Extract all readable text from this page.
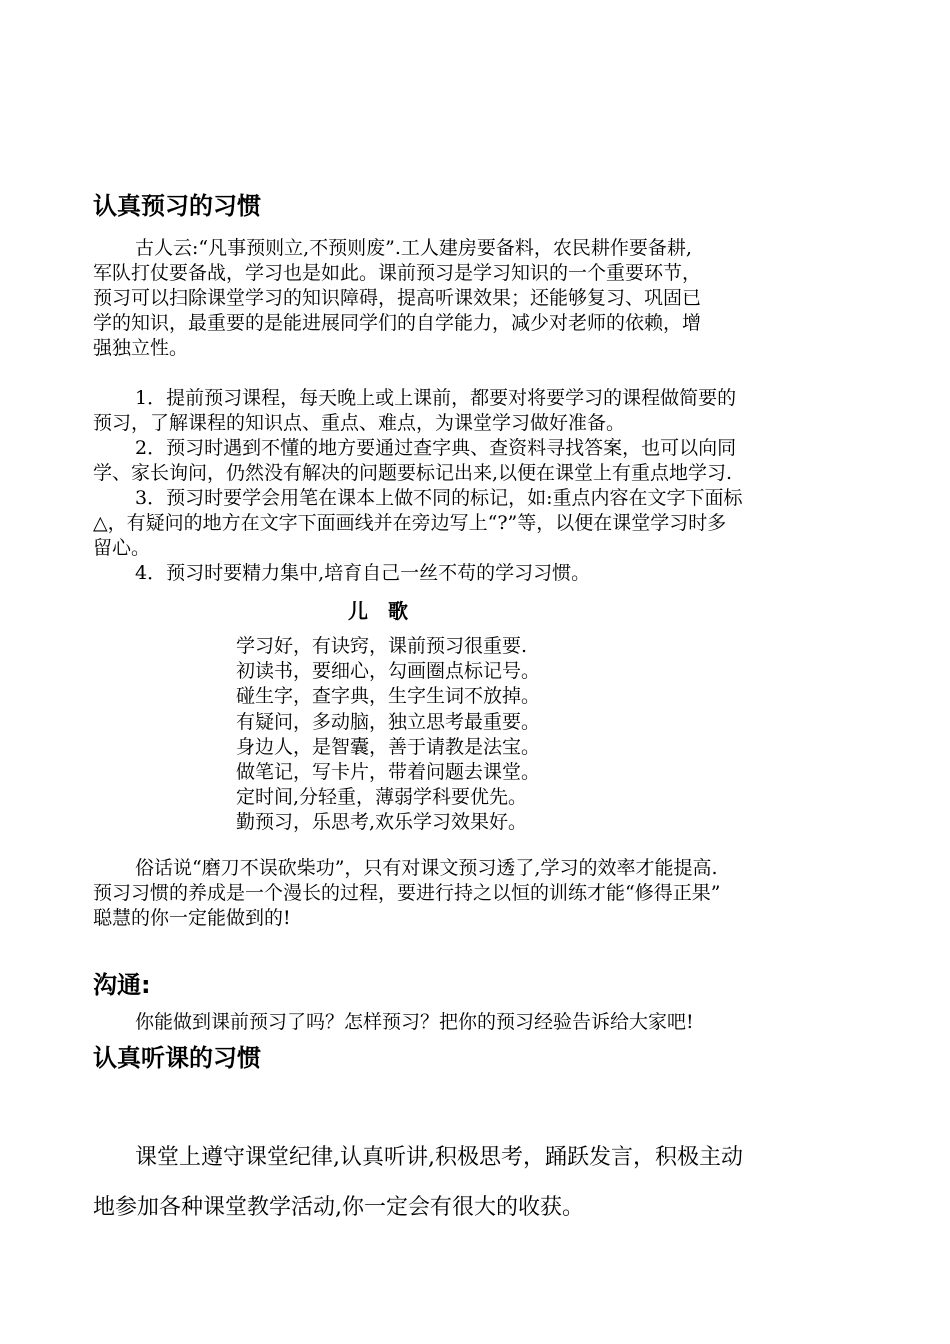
认真预习的习惯
古人云:“凡事预则立,不预则废”.工人建房要备料，农民耕作要备耕,
军队打仗要备战，学习也是如此。课前预习是学习知识的一个重要环节，
预习可以扫除课堂学习的知识障碍，提高听课效果；还能够复习、巩固已
学的知识，最重要的是能进展同学们的自学能力，减少对老师的依赖，增
强独立性。
1．提前预习课程，每天晚上或上课前，都要对将要学习的课程做简要的
预习，了解课程的知识点、重点、难点，为课堂学习做好准备。
2．预习时遇到不懂的地方要通过查字典、查资料寻找答案，也可以向同
学、家长询问，仍然没有解决的问题要标记出来,以便在课堂上有重点地学习.
3．预习时要学会用笔在课本上做不同的标记，如:重点内容在文字下面标
△，有疑问的地方在文字下面画线并在旁边写上“?”等，以便在课堂学习时多
留心。
4．预习时要精力集中,培育自己一丝不苟的学习习惯。
儿歌
学习好，有诀窍，课前预习很重要.
初读书，要细心，勾画圈点标记号。
碰生字，查字典，生字生词不放掉。
有疑问，多动脑，独立思考最重要。
身边人，是智囊，善于请教是法宝。
做笔记，写卡片，带着问题去课堂。
定时间,分轻重，薄弱学科要优先。
勤预习，乐思考,欢乐学习效果好。
俗话说“磨刀不误砍柴功”，只有对课文预习透了,学习的效率才能提高.
预习习惯的养成是一个漫长的过程，要进行持之以恒的训练才能“修得正果”
聪慧的你一定能做到的!
沟通:
你能做到课前预习了吗？怎样预习？把你的预习经验告诉给大家吧!
认真听课的习惯
课堂上遵守课堂纪律,认真听讲,积极思考，踊跃发言，积极主动
地参加各种课堂教学活动,你一定会有很大的收获。
